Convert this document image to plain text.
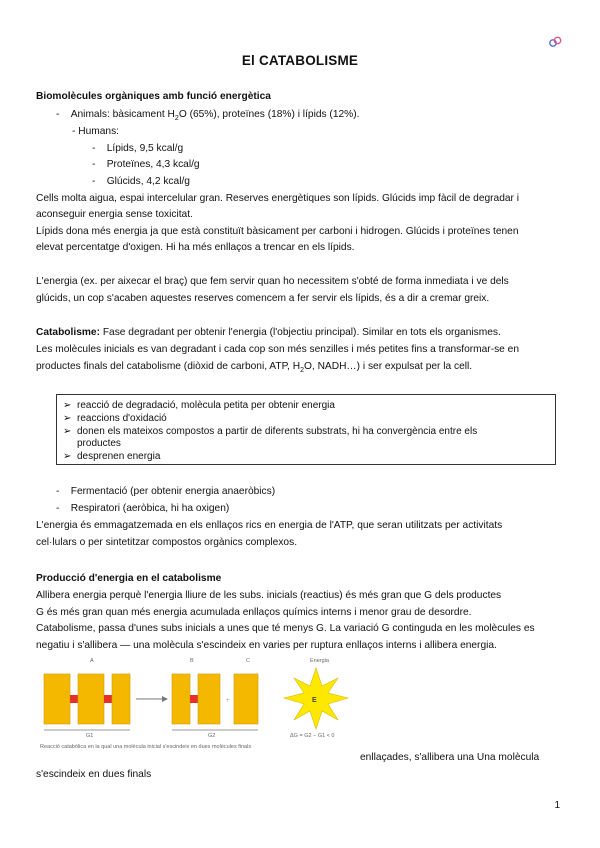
El CATABOLISME
Biomolècules orgàniques amb funció energètica
-    Animals: bàsicament $H_2O$ (65%), proteïnes (18%) i lípids (12%).
- Humans:
-    Lípids, 9,5 kcal/g
-    Proteïnes, 4,3 kcal/g
-    Glúcids, 4,2 kcal/g
Cells molta aigua, espai intercelular gran. Reserves energètiques son lípids. Glúcids imp fàcil de degradar i
aconseguir energia sense toxicitat.
Lípids dona més energia ja que està constituït bàsicament per carboni i hidrogen. Glúcids i proteïnes tenen
elevat percentatge d'oxigen. Hi ha més enllaços a trencar en els lípids.
L'energia (ex. per aixecar el braç) que fem servir quan ho necessitem s'obté de forma inmediata i ve dels
glúcids, un cop s'acaben aquestes reserves comencem a fer servir els lípids, és a dir a cremar greix.
Catabolisme: Fase degradant per obtenir l'energia (l'objectiu principal). Similar en tots els organismes.
Les molècules inicials es van degradant i cada cop son més senzilles i més petites fins a transformar-se en
productes finals del catabolisme (diòxid de carboni, ATP, $H_2O$, NADH…) i ser expulsat per la cell.
➢ reacció de degradació, molècula petita per obtenir energia
➢ reaccions d'oxidació
➢ donen els mateixos compostos a partir de diferents substrats, hi ha convergència entre els
productes
➢ desprenen energia
-    Fermentació (per obtenir energia anaeròbics)
-    Respiratori (aeròbica, hi ha oxigen)
L'energia és emmagatzemada en els enllaços rics en energia de l'ATP, que seran utilitzats per activitats
cel·lulars o per sintetitzar compostos orgànics complexos.
Producció d'energia en el catabolisme
Allibera energia perquè l'energia lliure de les subs. inicials (reactius) és més gran que G dels productes
G és més gran quan més energia acumulada enllaços químics interns i menor grau de desordre.
Catabolisme, passa d'unes subs inicials a unes que té menys G. La variació G continguda en les molècules es
negatiu i s'allibera — una molècula s'escindeix en varies per ruptura enllaços interns i allibera energia.
A	B	C	Energia
+	E
G1	G2	ΔG = G2 − G1 < 0
Reacció catabòlica en la qual una molècula inicial s'escindeix en dues molècules finals
enllaçades, s'allibera una Una molècula
s'escindeix en dues finals
1
